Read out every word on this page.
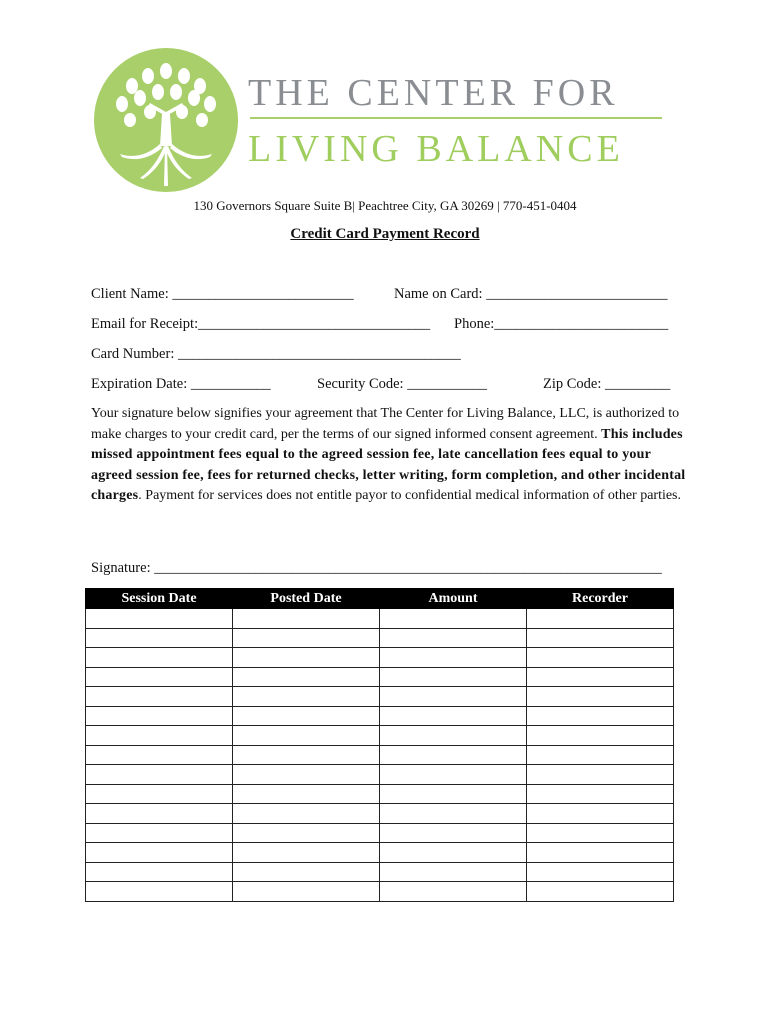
THE CENTER FOR
LIVING BALANCE
130 Governors Square Suite B| Peachtree City, GA 30269 | 770-451-0404
Credit Card Payment Record
Client Name: _________________________	Name on Card: _________________________
Email for Receipt:________________________________ Phone:________________________
Card Number: _______________________________________
Expiration Date: ___________	Security Code: ___________	Zip Code: _________
Your signature below signifies your agreement that The Center for Living Balance, LLC, is authorized to make charges to your credit card, per the terms of our signed informed consent agreement. This includes missed appointment fees equal to the agreed session fee, late cancellation fees equal to your agreed session fee, fees for returned checks, letter writing, form completion, and other incidental charges. Payment for services does not entitle payor to confidential medical information of other parties.
Signature: ______________________________________________________________________
Session Date	Posted Date	Amount	Recorder
